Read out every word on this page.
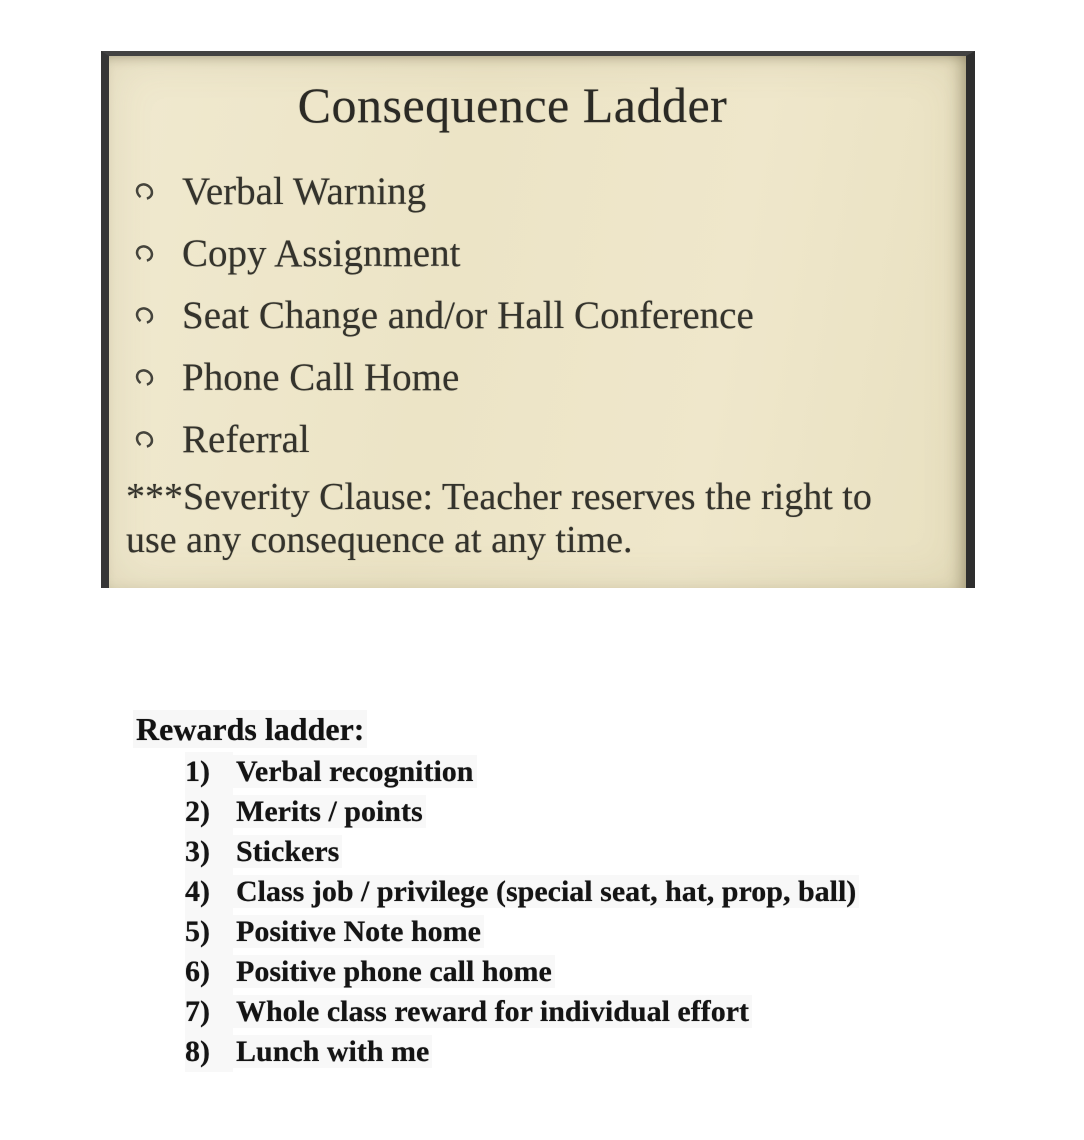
Consequence Ladder
Verbal Warning
Copy Assignment
Seat Change and/or Hall Conference
Phone Call Home
Referral
***Severity Clause: Teacher reserves the right to
use any consequence at any time.
Rewards ladder:
1) Verbal recognition
2) Merits / points
3) Stickers
4) Class job / privilege (special seat, hat, prop, ball)
5) Positive Note home
6) Positive phone call home
7) Whole class reward for individual effort
8) Lunch with me
